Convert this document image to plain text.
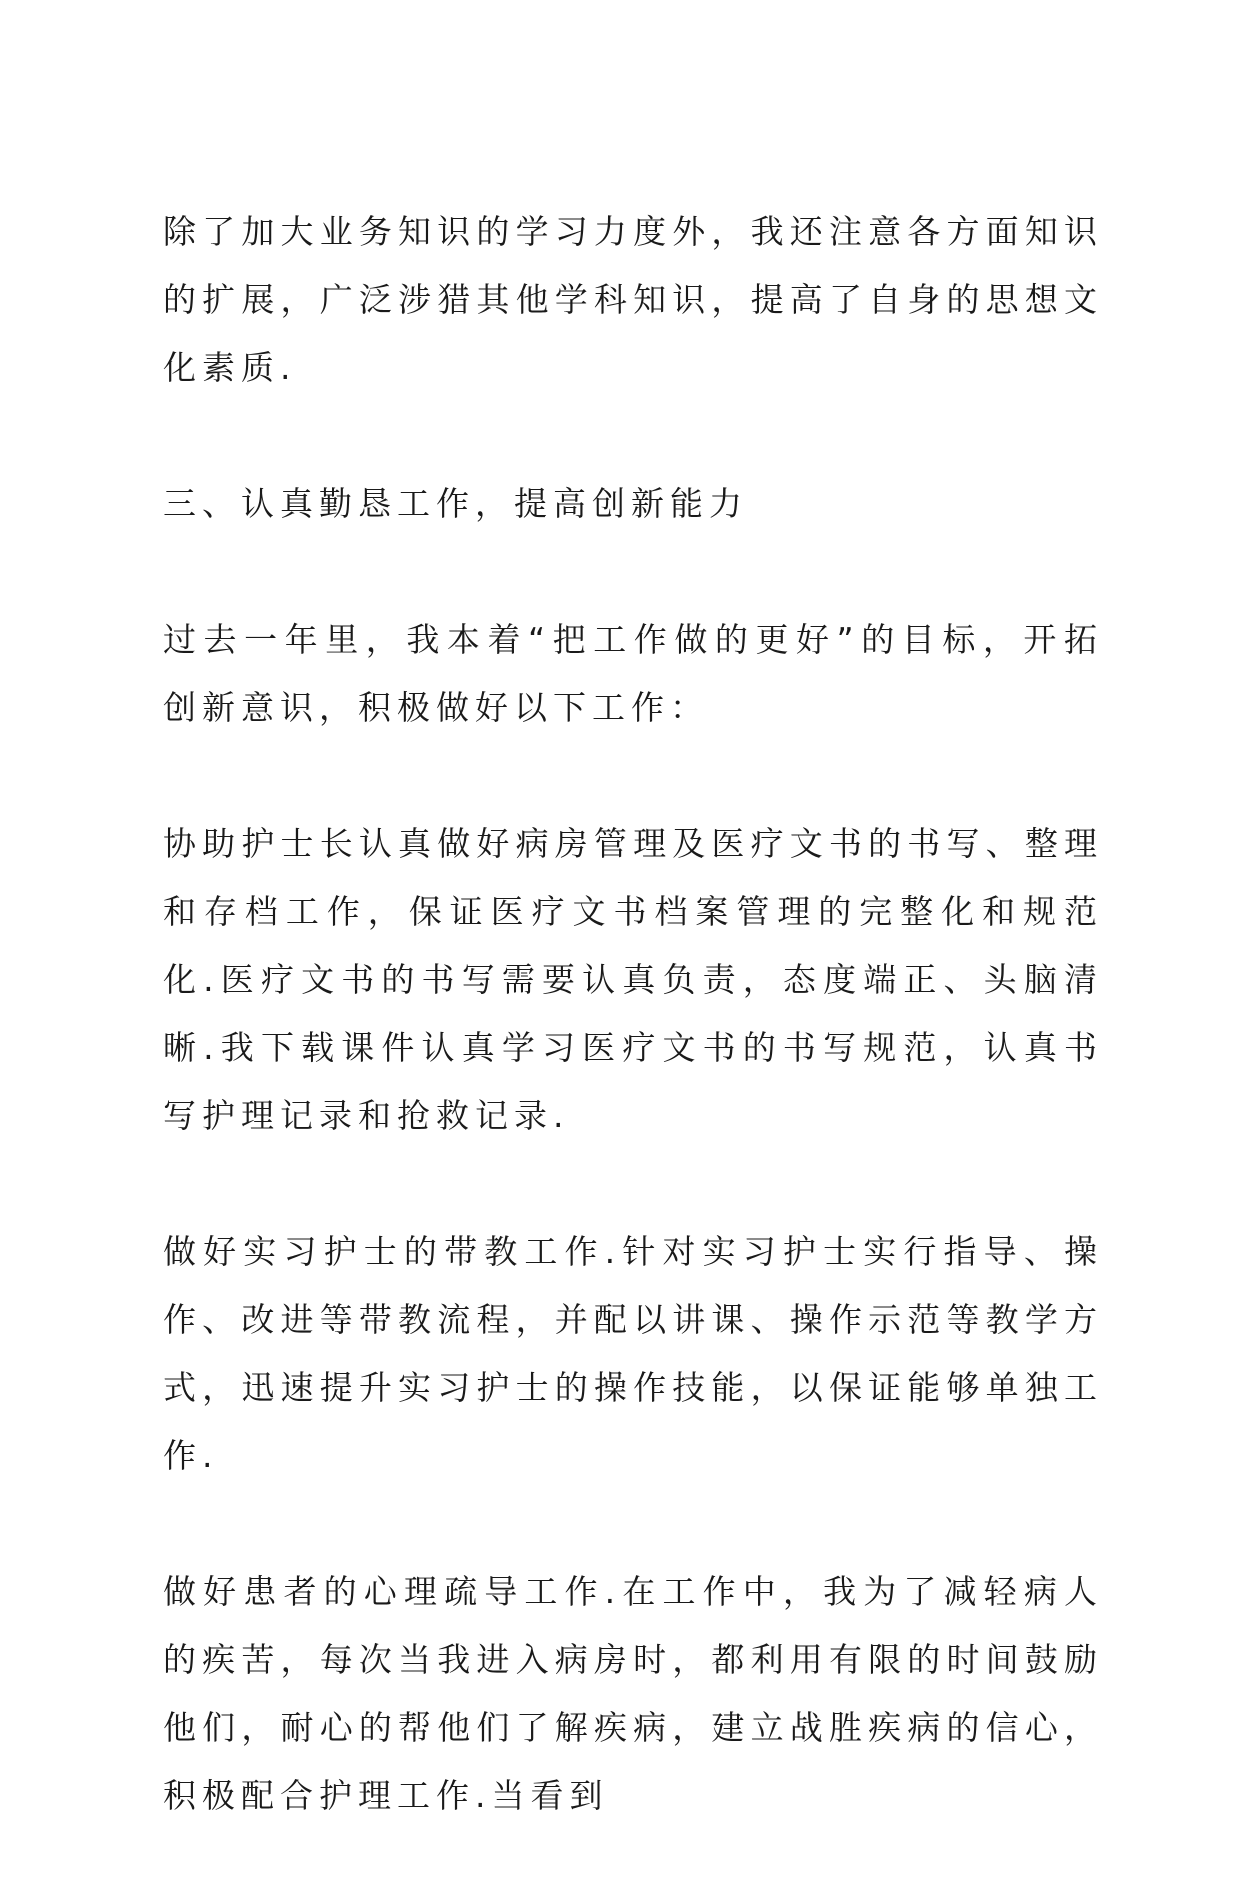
除了加大业务知识的学习力度外，我还注意各方面知识的扩展，广泛涉猎其他学科知识，提高了自身的思想文化素质.

三、认真勤恳工作，提高创新能力

过去一年里，我本着“把工作做的更好”的目标，开拓创新意识，积极做好以下工作：

协助护士长认真做好病房管理及医疗文书的书写、整理和存档工作，保证医疗文书档案管理的完整化和规范化.医疗文书的书写需要认真负责，态度端正、头脑清晰.我下载课件认真学习医疗文书的书写规范，认真书写护理记录和抢救记录.

做好实习护士的带教工作.针对实习护士实行指导、操作、改进等带教流程，并配以讲课、操作示范等教学方式，迅速提升实习护士的操作技能，以保证能够单独工作.

做好患者的心理疏导工作.在工作中，我为了减轻病人的疾苦，每次当我进入病房时，都利用有限的时间鼓励他们，耐心的帮他们了解疾病，建立战胜疾病的信心，积极配合护理工作.当看到
